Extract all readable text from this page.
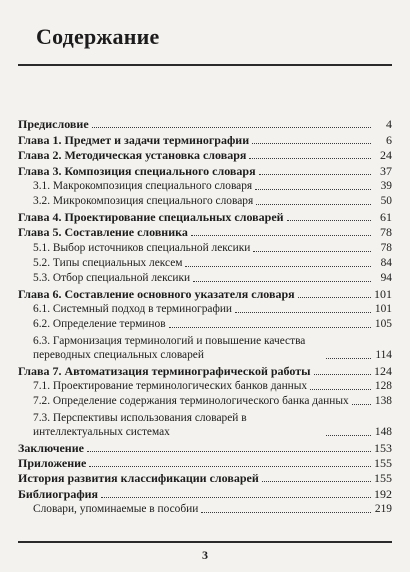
Содержание
Предисловие	4
Глава 1. Предмет и задачи терминографии	6
Глава 2. Методическая установка словаря	24
Глава 3. Композиция специального словаря	37
3.1. Макрокомпозиция специального словаря	39
3.2. Микрокомпозиция специального словаря	50
Глава 4. Проектирование специальных словарей	61
Глава 5. Составление словника	78
5.1. Выбор источников специальной лексики	78
5.2. Типы специальных лексем	84
5.3. Отбор специальной лексики	94
Глава 6. Составление основного указателя словаря	101
6.1. Системный подход в терминографии	101
6.2. Определение терминов	105
6.3. Гармонизация терминологий и повышение качества переводных специальных словарей	114
Глава 7. Автоматизация терминографической работы	124
7.1. Проектирование терминологических банков данных	128
7.2. Определение содержания терминологического банка данных 138
7.3. Перспективы использования словарей в интеллектуальных системах	148
Заключение	153
Приложение	155
История развития классификации словарей	155
Библиография	192
Словари, упоминаемые в пособии	219
3
